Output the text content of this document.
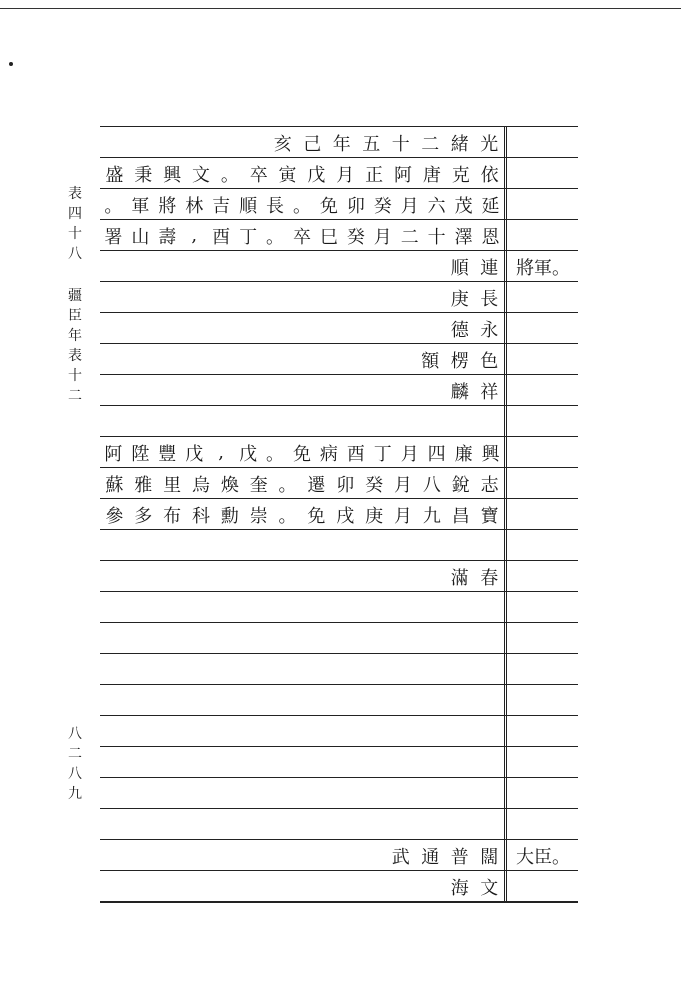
表四十八
疆臣年表十二
八二八九
光
緒
二
十
五
年
己
亥
依
克
唐
阿
正
月
戊
寅
卒
。
文
興
秉
盛
延
茂
六
月
癸
卯
免
。
長
順
吉
林
將
軍
。
恩
澤
十
二
月
癸
巳
卒
。
丁
酉
,
壽
山
署
連
順	將軍。
長
庚
永
德
色
楞
額
祥
麟
興
廉
四
月
丁
酉
病
免
。
戊
,
戊
豐
陞
阿
志
銳
八
月
癸
卯
遷
。
奎
煥
烏
里
雅
蘇
寶
昌
九
月
庚
戌
免
。
崇
勳
科
布
多
參
春
滿
闊
普
通
武	大臣。
文
海
